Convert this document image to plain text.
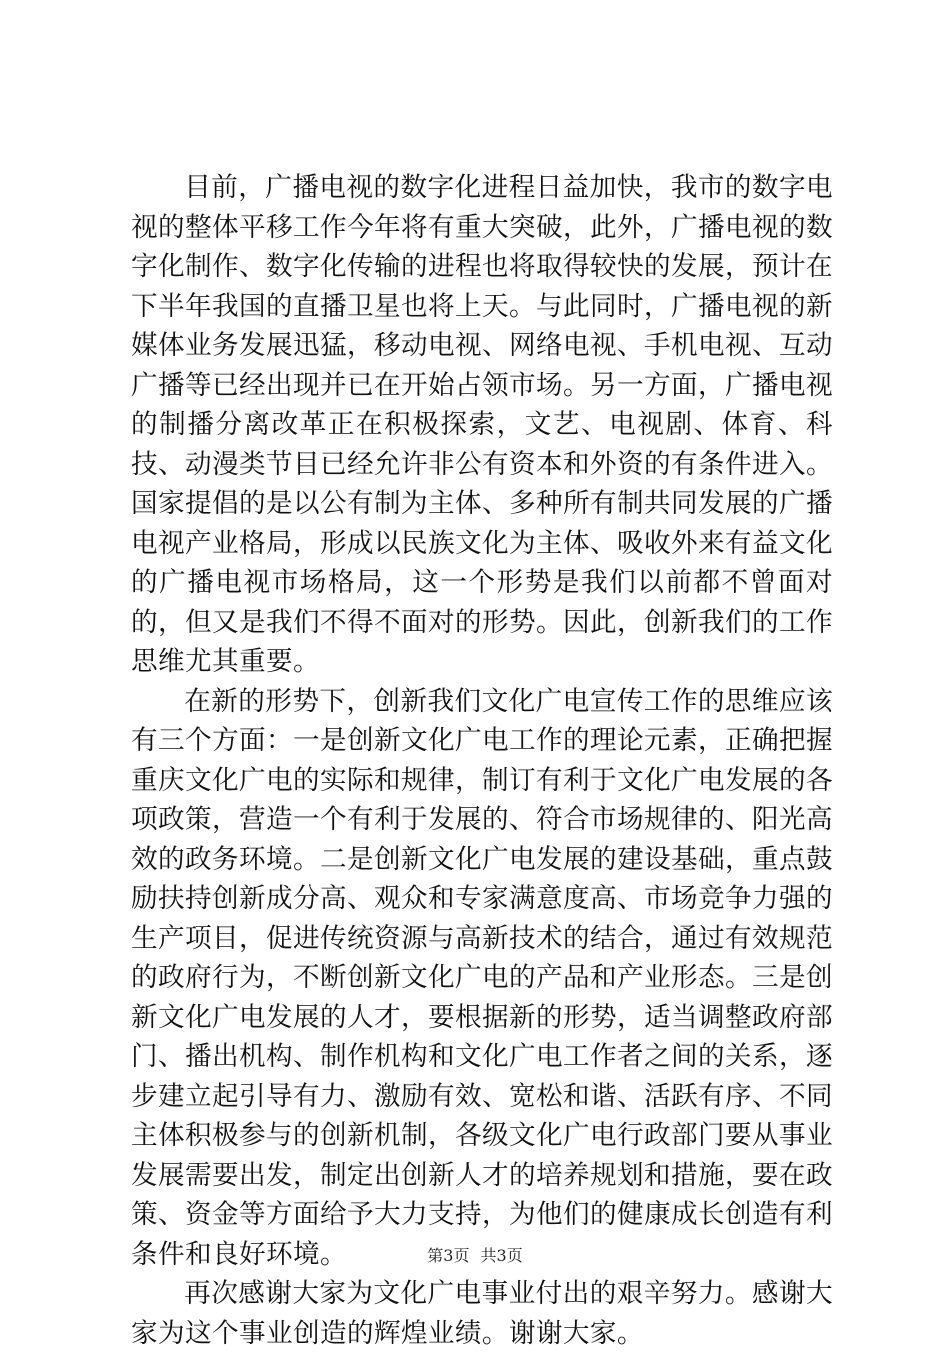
目前，广播电视的数字化进程日益加快，我市的数字电视的整体平移工作今年将有重大突破，此外，广播电视的数字化制作、数字化传输的进程也将取得较快的发展，预计在下半年我国的直播卫星也将上天。与此同时，广播电视的新媒体业务发展迅猛，移动电视、网络电视、手机电视、互动广播等已经出现并已在开始占领市场。另一方面，广播电视的制播分离改革正在积极探索，文艺、电视剧、体育、科技、动漫类节目已经允许非公有资本和外资的有条件进入。国家提倡的是以公有制为主体、多种所有制共同发展的广播电视产业格局，形成以民族文化为主体、吸收外来有益文化的广播电视市场格局，这一个形势是我们以前都不曾面对的，但又是我们不得不面对的形势。因此，创新我们的工作思维尤其重要。

在新的形势下，创新我们文化广电宣传工作的思维应该有三个方面：一是创新文化广电工作的理论元素，正确把握重庆文化广电的实际和规律，制订有利于文化广电发展的各项政策，营造一个有利于发展的、符合市场规律的、阳光高效的政务环境。二是创新文化广电发展的建设基础，重点鼓励扶持创新成分高、观众和专家满意度高、市场竞争力强的生产项目，促进传统资源与高新技术的结合，通过有效规范的政府行为，不断创新文化广电的产品和产业形态。三是创新文化广电发展的人才，要根据新的形势，适当调整政府部门、播出机构、制作机构和文化广电工作者之间的关系，逐步建立起引导有力、激励有效、宽松和谐、活跃有序、不同主体积极参与的创新机制，各级文化广电行政部门要从事业发展需要出发，制定出创新人才的培养规划和措施，要在政策、资金等方面给予大力支持，为他们的健康成长创造有利条件和良好环境。

再次感谢大家为文化广电事业付出的艰辛努力。感谢大家为这个事业创造的辉煌业绩。谢谢大家。

第3页 共3页
